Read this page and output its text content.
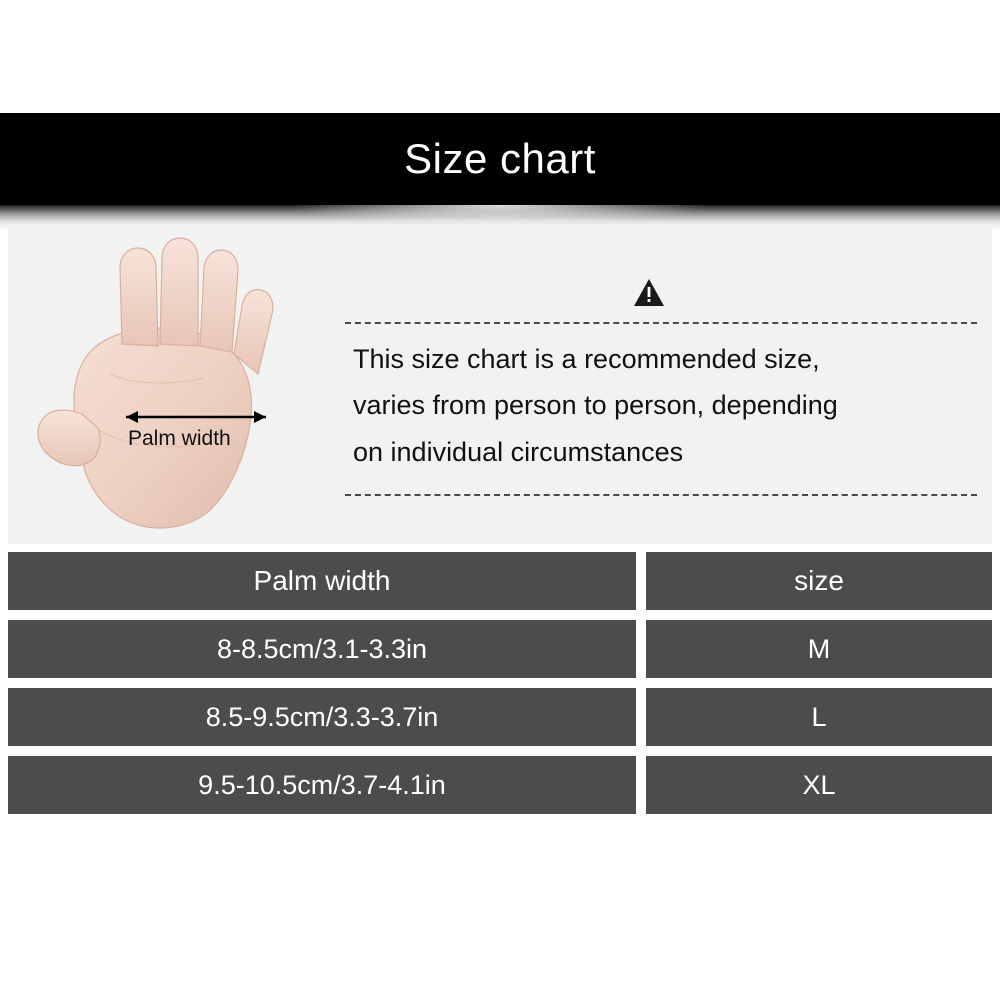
Size chart
Palm width
This size chart is a recommended size,
varies from person to person, depending
on individual circumstances
Palm width	size
8-8.5cm/3.1-3.3in	M
8.5-9.5cm/3.3-3.7in	L
9.5-10.5cm/3.7-4.1in	XL
